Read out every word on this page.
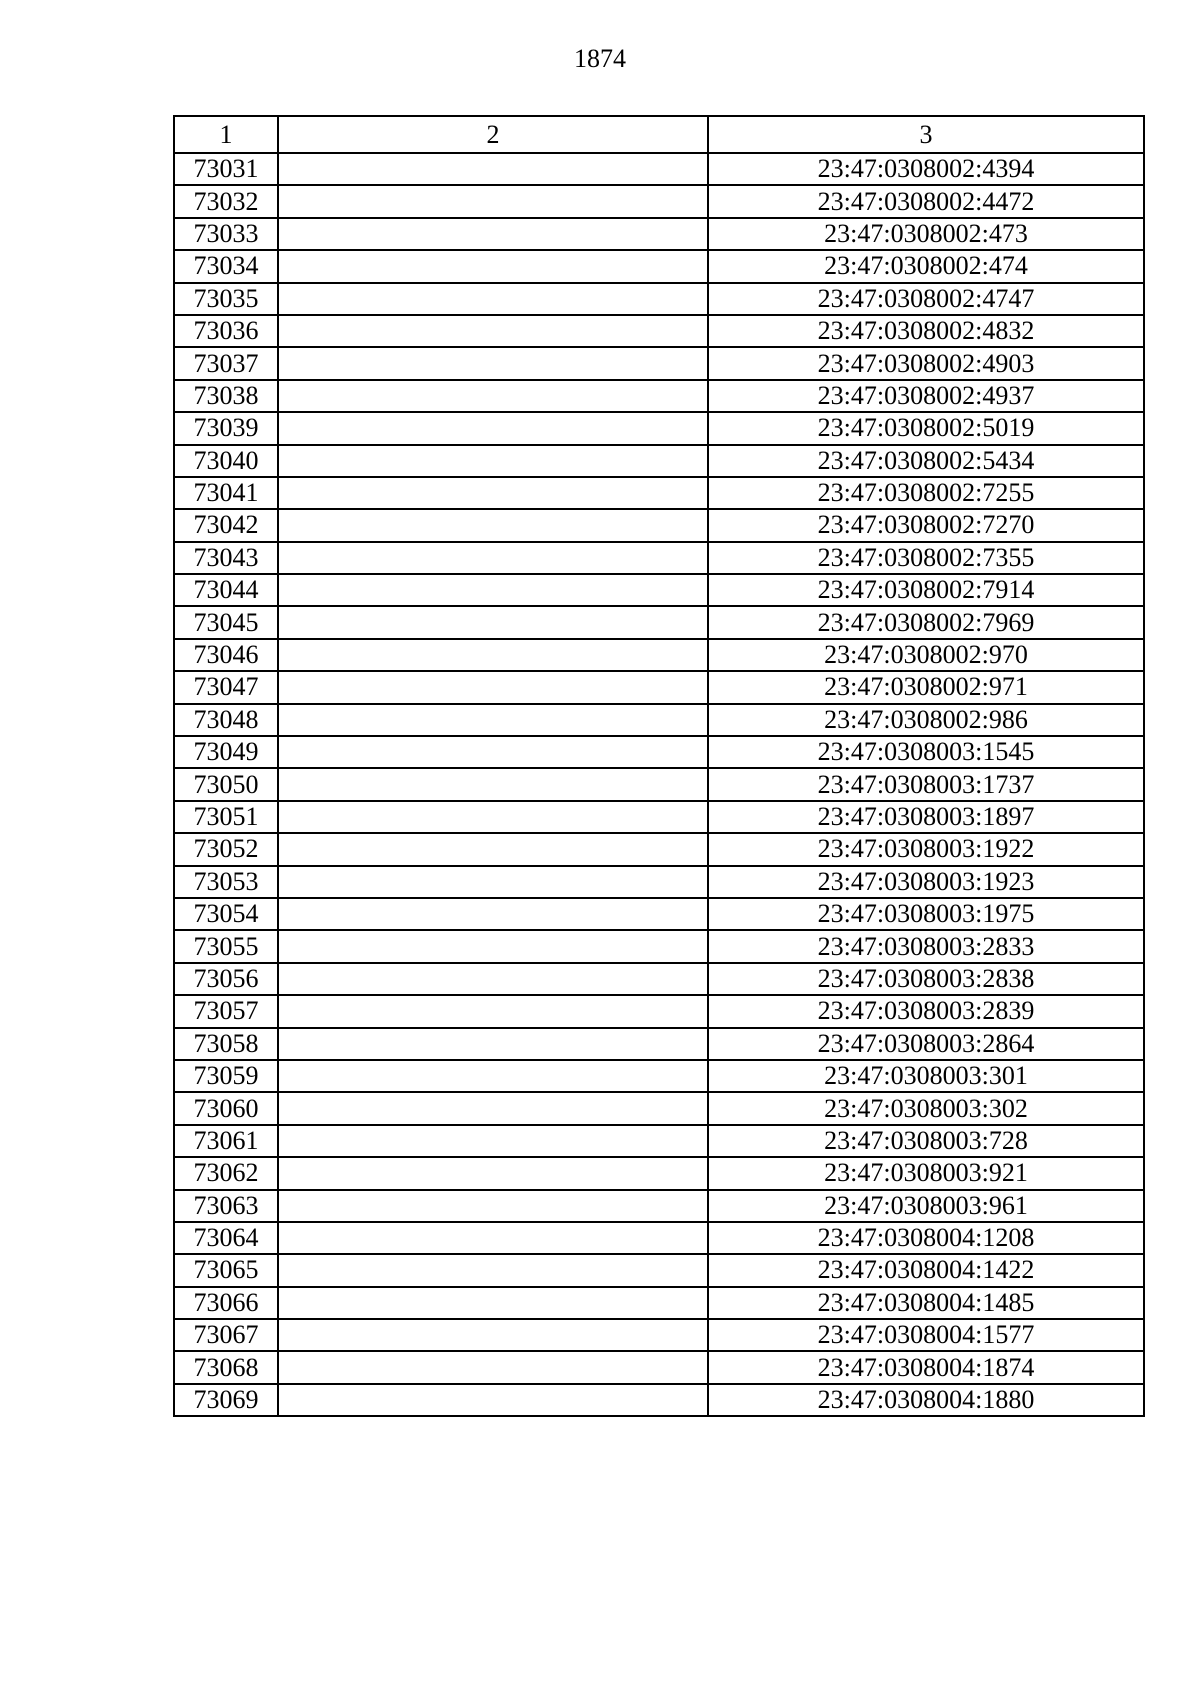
1874
1	2	3
73031		23:47:0308002:4394
73032		23:47:0308002:4472
73033		23:47:0308002:473
73034		23:47:0308002:474
73035		23:47:0308002:4747
73036		23:47:0308002:4832
73037		23:47:0308002:4903
73038		23:47:0308002:4937
73039		23:47:0308002:5019
73040		23:47:0308002:5434
73041		23:47:0308002:7255
73042		23:47:0308002:7270
73043		23:47:0308002:7355
73044		23:47:0308002:7914
73045		23:47:0308002:7969
73046		23:47:0308002:970
73047		23:47:0308002:971
73048		23:47:0308002:986
73049		23:47:0308003:1545
73050		23:47:0308003:1737
73051		23:47:0308003:1897
73052		23:47:0308003:1922
73053		23:47:0308003:1923
73054		23:47:0308003:1975
73055		23:47:0308003:2833
73056		23:47:0308003:2838
73057		23:47:0308003:2839
73058		23:47:0308003:2864
73059		23:47:0308003:301
73060		23:47:0308003:302
73061		23:47:0308003:728
73062		23:47:0308003:921
73063		23:47:0308003:961
73064		23:47:0308004:1208
73065		23:47:0308004:1422
73066		23:47:0308004:1485
73067		23:47:0308004:1577
73068		23:47:0308004:1874
73069		23:47:0308004:1880
